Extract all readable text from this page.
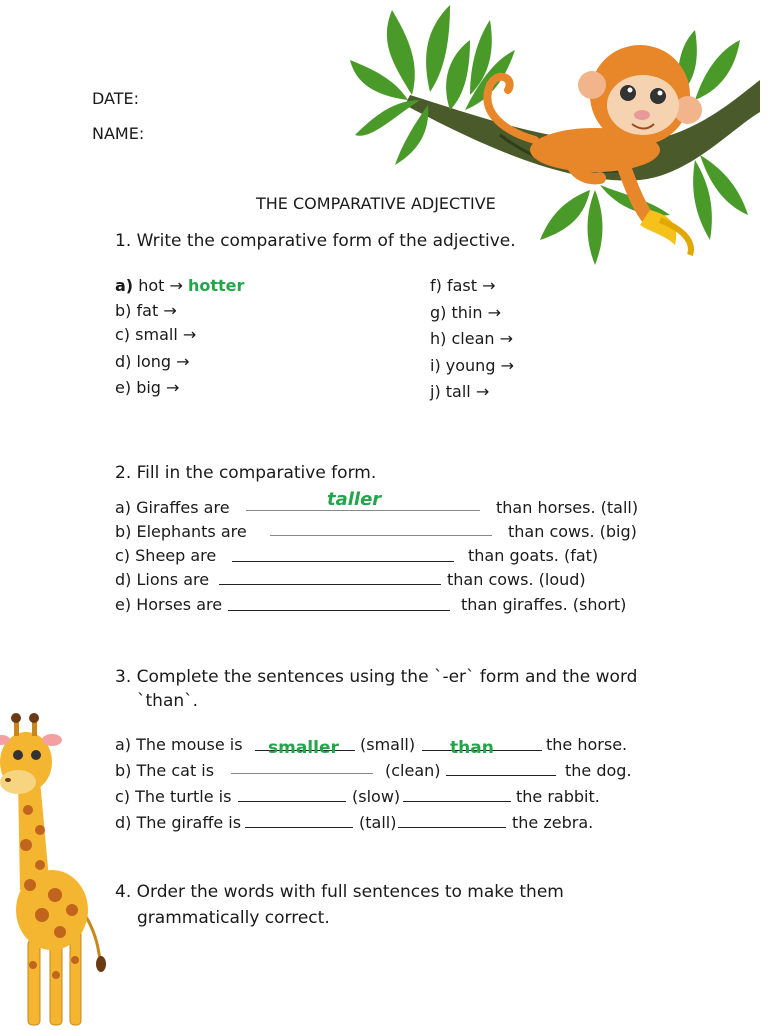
DATE:
NAME:
THE COMPARATIVE ADJECTIVE
1. Write the comparative form of the adjective.
a) hot → hotter
b) fat →
c) small →
d) long →
e) big →
f) fast →
g) thin →
h) clean →
i) young →
j) tall →
2. Fill in the comparative form.
a) Giraffes are	taller	than horses. (tall)
b) Elephants are	than cows. (big)
c) Sheep are	than goats. (fat)
d) Lions are	than cows. (loud)
e) Horses are	than giraffes. (short)
3. Complete the sentences using the `-er` form and the word
`than`.
a) The mouse is smaller (small) than	the horse.
b) The cat is	(clean)	the dog.
c) The turtle is	(slow)	the rabbit.
d) The giraffe is	(tall)	the zebra.
4. Order the words with full sentences to make them
grammatically correct.
